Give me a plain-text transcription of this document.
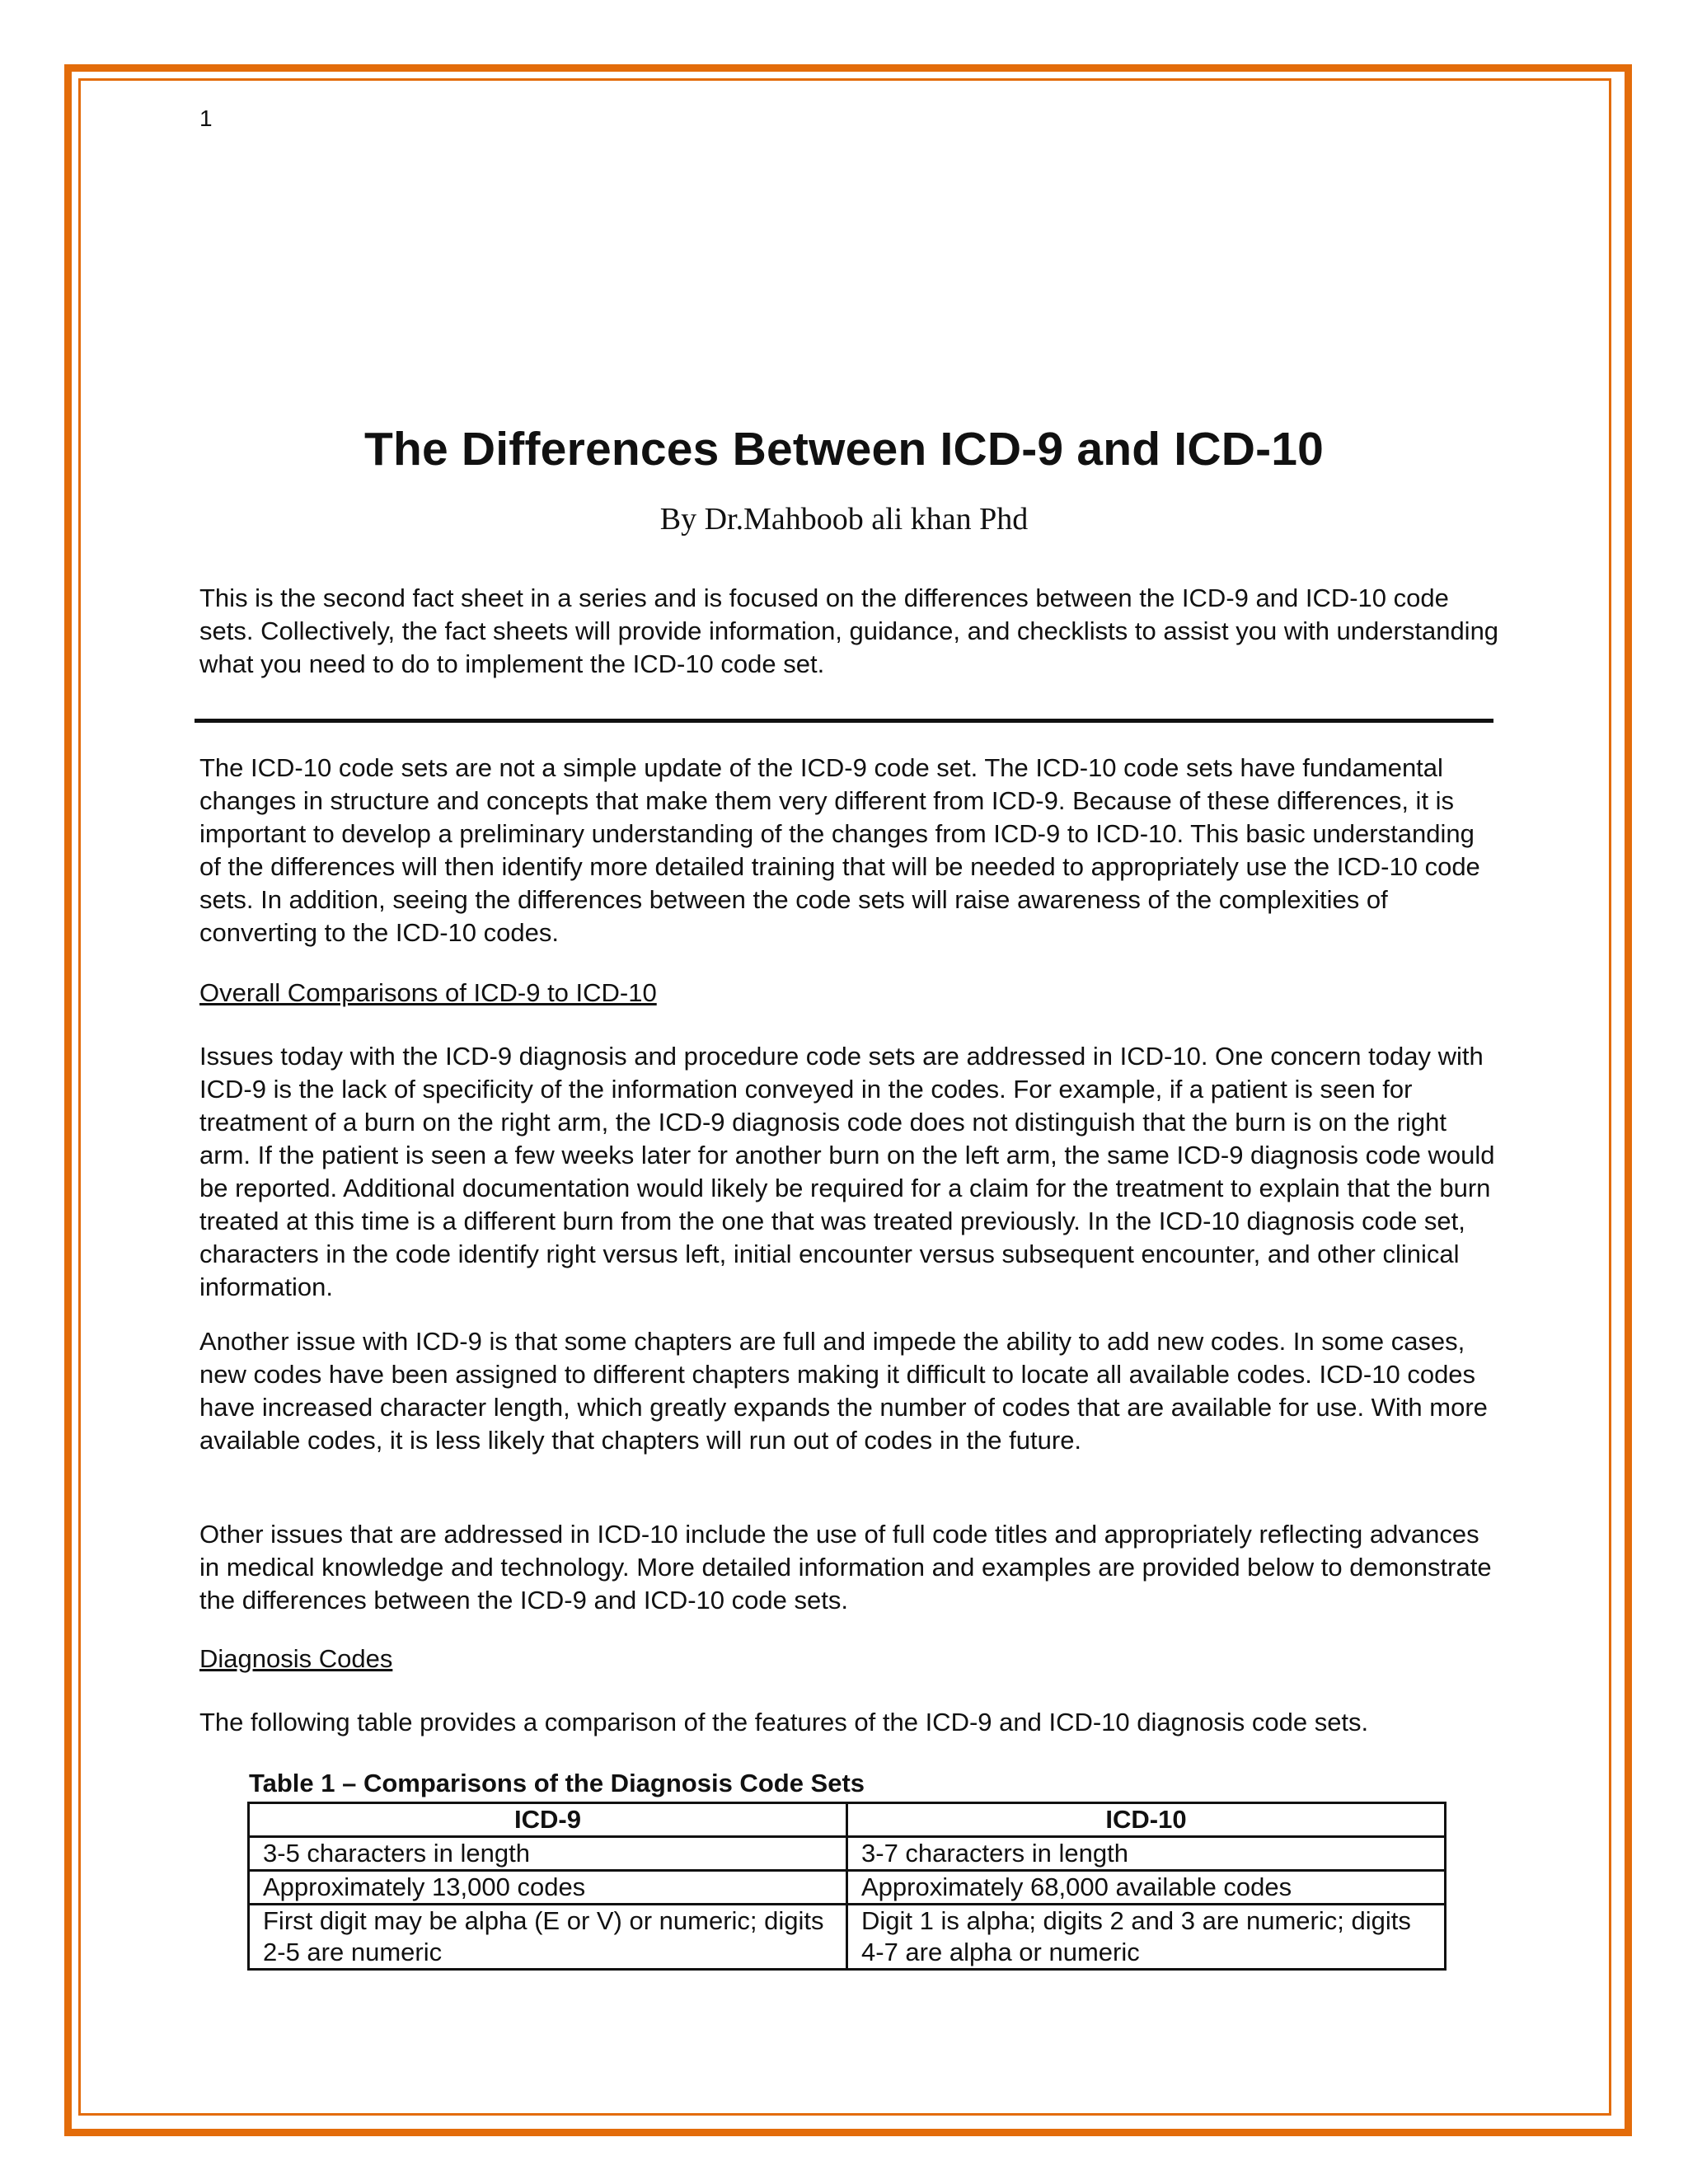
1
The Differences Between ICD-9 and ICD-10
By Dr.Mahboob ali khan Phd

This is the second fact sheet in a series and is focused on the differences between the ICD-9 and ICD-10 code sets. Collectively, the fact sheets will provide information, guidance, and checklists to assist you with understanding what you need to do to implement the ICD-10 code set.

The ICD-10 code sets are not a simple update of the ICD-9 code set. The ICD-10 code sets have fundamental changes in structure and concepts that make them very different from ICD-9. Because of these differences, it is important to develop a preliminary understanding of the changes from ICD-9 to ICD-10. This basic understanding of the differences will then identify more detailed training that will be needed to appropriately use the ICD-10 code sets. In addition, seeing the differences between the code sets will raise awareness of the complexities of converting to the ICD-10 codes.

Overall Comparisons of ICD-9 to ICD-10

Issues today with the ICD-9 diagnosis and procedure code sets are addressed in ICD-10. One concern today with ICD-9 is the lack of specificity of the information conveyed in the codes. For example, if a patient is seen for treatment of a burn on the right arm, the ICD-9 diagnosis code does not distinguish that the burn is on the right arm. If the patient is seen a few weeks later for another burn on the left arm, the same ICD-9 diagnosis code would be reported. Additional documentation would likely be required for a claim for the treatment to explain that the burn treated at this time is a different burn from the one that was treated previously. In the ICD-10 diagnosis code set, characters in the code identify right versus left, initial encounter versus subsequent encounter, and other clinical information.

Another issue with ICD-9 is that some chapters are full and impede the ability to add new codes. In some cases, new codes have been assigned to different chapters making it difficult to locate all available codes. ICD-10 codes have increased character length, which greatly expands the number of codes that are available for use. With more available codes, it is less likely that chapters will run out of codes in the future.

Other issues that are addressed in ICD-10 include the use of full code titles and appropriately reflecting advances in medical knowledge and technology. More detailed information and examples are provided below to demonstrate the differences between the ICD-9 and ICD-10 code sets.

Diagnosis Codes

The following table provides a comparison of the features of the ICD-9 and ICD-10 diagnosis code sets.

Table 1 – Comparisons of the Diagnosis Code Sets
ICD-9	ICD-10
3-5 characters in length	3-7 characters in length
Approximately 13,000 codes	Approximately 68,000 available codes
First digit may be alpha (E or V) or numeric; digits 2-5 are numeric	Digit 1 is alpha; digits 2 and 3 are numeric; digits 4-7 are alpha or numeric
